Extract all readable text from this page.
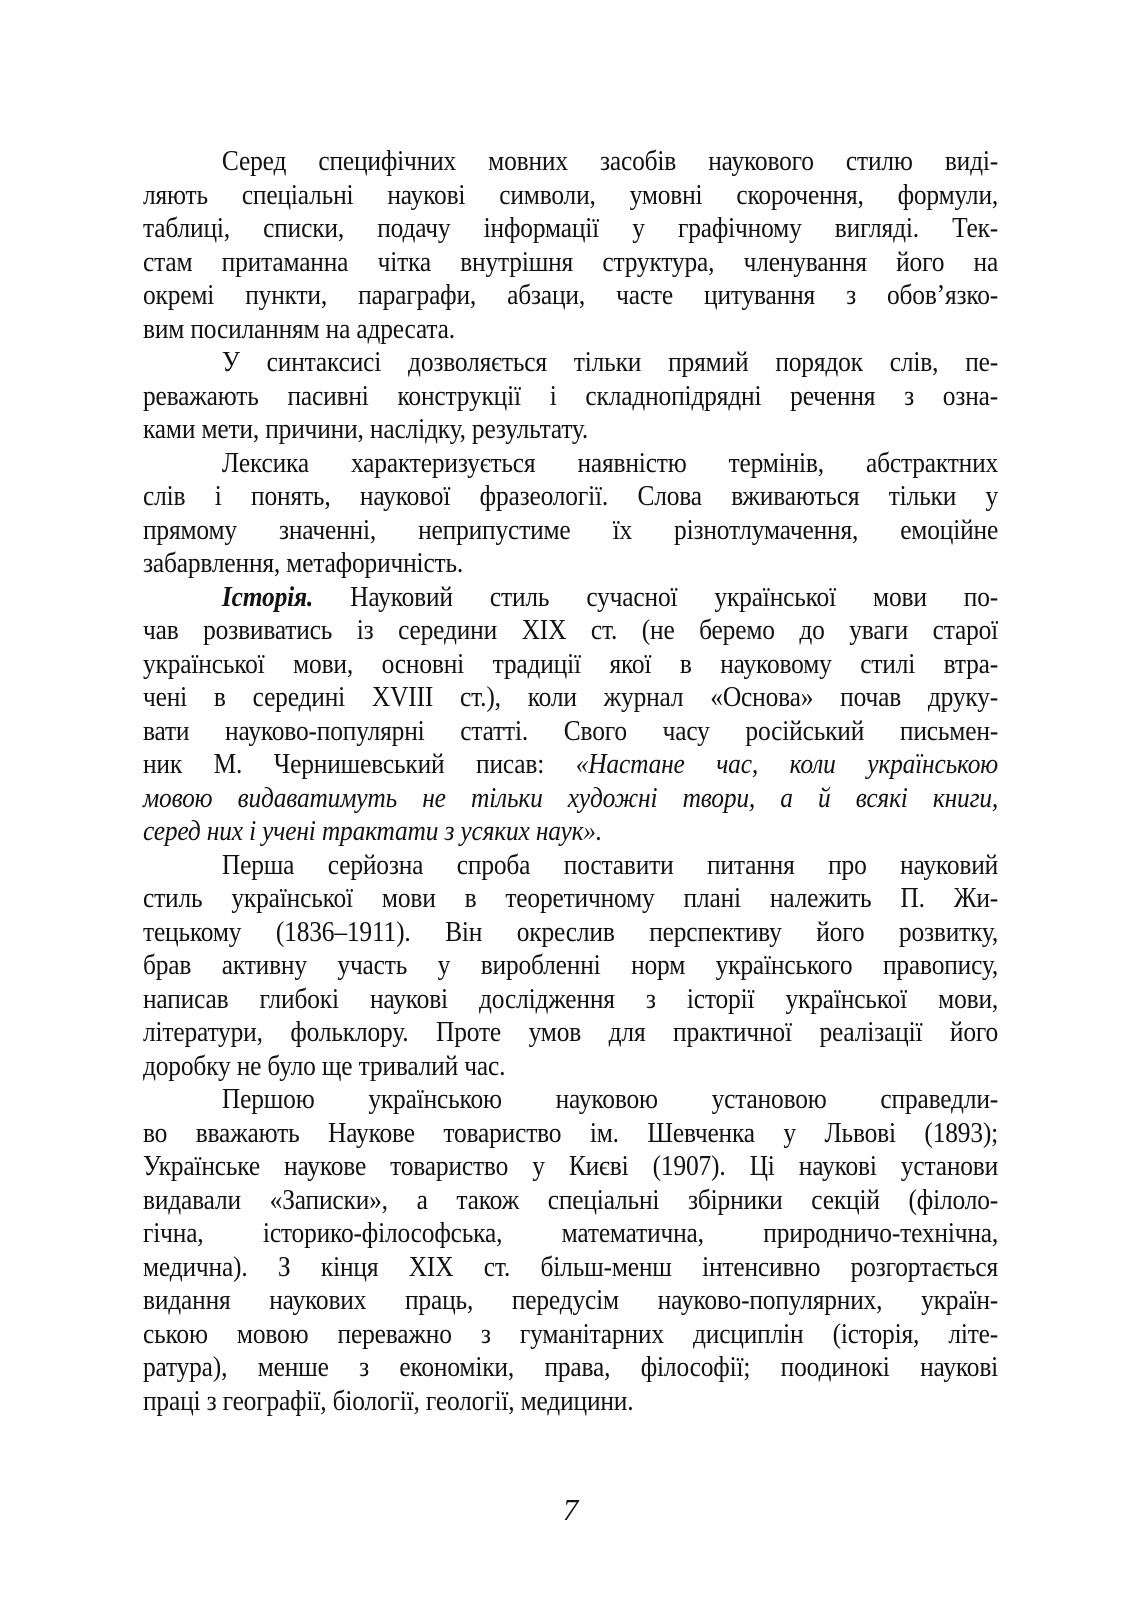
Серед специфічних мовних засобів наукового стилю виді-
ляють спеціальні наукові символи, умовні скорочення, формули,
таблиці, списки, подачу інформації у графічному вигляді. Тек-
стам притаманна чітка внутрішня структура, членування його на
окремі пункти, параграфи, абзаци, часте цитування з обов’язко-
вим посиланням на адресата.
У синтаксисі дозволяється тільки прямий порядок слів, пе-
реважають пасивні конструкції і складнопідрядні речення з озна-
ками мети, причини, наслідку, результату.
Лексика характеризується наявністю термінів, абстрактних
слів і понять, наукової фразеології. Слова вживаються тільки у
прямому значенні, неприпустиме їх різнотлумачення, емоційне
забарвлення, метафоричність.
Історія. Науковий стиль сучасної української мови по-
чав розвиватись із середини XIX ст. (не беремо до уваги старої
української мови, основні традиції якої в науковому стилі втра-
чені в середині XVIII ст.), коли журнал «Основа» почав друку-
вати науково-популярні статті. Свого часу російський письмен-
ник М. Чернишевський писав: «Настане час, коли українською
мовою видаватимуть не тільки художні твори, а й всякі книги,
серед них і учені трактати з усяких наук».
Перша серйозна спроба поставити питання про науковий
стиль української мови в теоретичному плані належить П. Жи-
тецькому (1836–1911). Він окреслив перспективу його розвитку,
брав активну участь у виробленні норм українського правопису,
написав глибокі наукові дослідження з історії української мови,
літератури, фольклору. Проте умов для практичної реалізації його
доробку не було ще тривалий час.
Першою українською науковою установою справедли-
во вважають Наукове товариство ім. Шевченка у Львові (1893);
Українське наукове товариство у Києві (1907). Ці наукові установи
видавали «Записки», а також спеціальні збірники секцій (філоло-
гічна, історико-філософська, математична, природничо-технічна,
медична). З кінця XIX ст. більш-менш інтенсивно розгортається
видання наукових праць, передусім науково-популярних, україн-
ською мовою переважно з гуманітарних дисциплін (історія, літе-
ратура), менше з економіки, права, філософії; поодинокі наукові
праці з географії, біології, геології, медицини.
7
